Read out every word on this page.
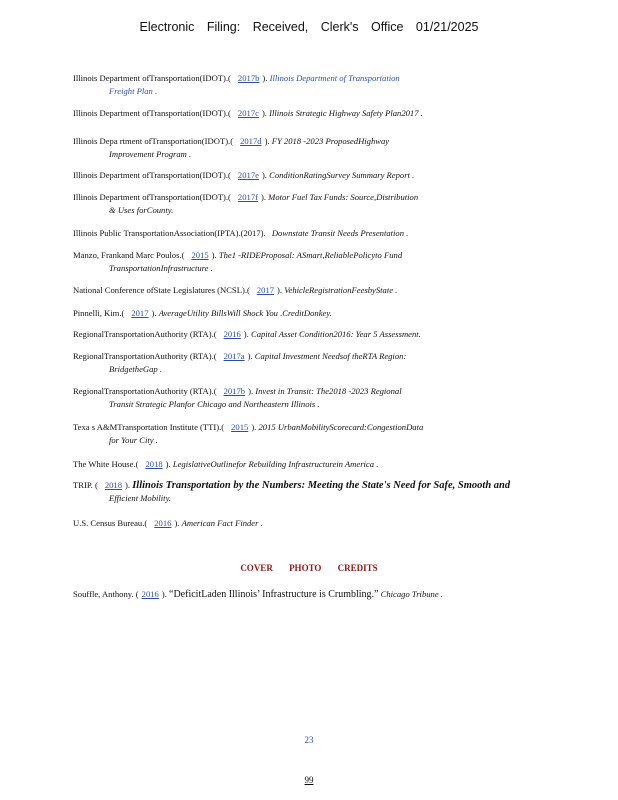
Electronic Filing: Received, Clerk's Office 01/21/2025
Illinois Department ofTransportation(IDOT).( 2017b ). Illinois Department of Transportation
Freight Plan .
Illinois Department ofTransportation(IDOT).( 2017c ). Illinois Strategic Highway Safety Plan2017 .
Illinois Depa rtment ofTransportation(IDOT).( 2017d ). FY 2018 -2023 ProposedHighway
Improvement Program .
Illinois Department ofTransportation(IDOT).( 2017e ). ConditionRatingSurvey Summary Report .
Illinois Department ofTransportation(IDOT).( 2017f ). Motor Fuel Tax Funds: Source,Distribution
& Uses forCounty.
Illinois Public TransportationAssociation(IPTA).(2017). Downstate Transit Needs Presentation .
Manzo, Frankand Marc Poulos.( 2015 ). The1 -RIDEProposal: ASmart,ReliablePolicyto Fund
TransportationInfrastructure .
National Conference ofState Legislatures (NCSL).( 2017 ). VehicleRegistrationFeesbyState .
Pinnelli, Kim.( 2017 ). AverageUtility BillsWill Shock You .CreditDonkey.
RegionalTransportationAuthority (RTA).( 2016 ). Capital Asset Condition2016: Year 5 Assessment.
RegionalTransportationAuthority (RTA).( 2017a ). Capital Investment Needsof theRTA Region:
BridgetheGap .
RegionalTransportationAuthority (RTA).( 2017b ). Invest in Transit: The2018 -2023 Regional
Transit Strategic Planfor Chicago and Northeastern Illinois .
Texa s A&MTransportation Institute (TTI).( 2015 ). 2015 UrbanMobilityScorecard:CongestionData
for Your City .
The White House.( 2018 ). LegislativeOutlinefor Rebuilding Infrastructurein America .
TRIP. ( 2018 ). Illinois Transportation by the Numbers: Meeting the State's Need for Safe, Smooth and
Efficient Mobility.
U.S. Census Bureau.( 2016 ). American Fact Finder .
COVER PHOTO CREDITS
Souffle, Anthony. ( 2016 ). “DeficitLaden Illinois’ Infrastructure is Crumbling.” Chicago Tribune .
23
99
